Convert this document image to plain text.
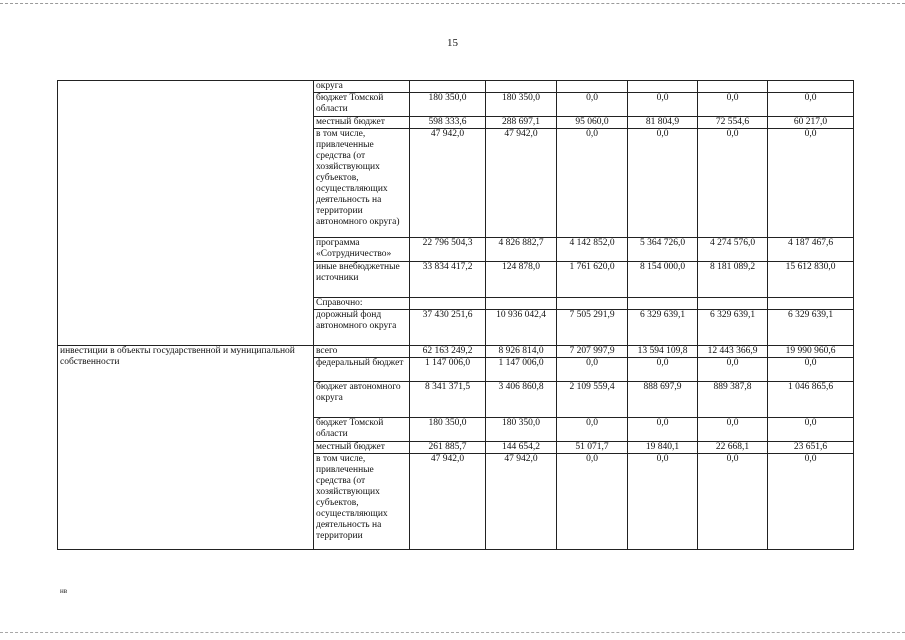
15
	округа						
	бюджет Томской области	180 350,0	180 350,0	0,0	0,0	0,0	0,0
	местный бюджет	598 333,6	288 697,1	95 060,0	81 804,9	72 554,6	60 217,0
	в том числе, привлеченные средства (от хозяйствующих субъектов, осуществляющих деятельность на территории автономного округа)	47 942,0	47 942,0	0,0	0,0	0,0	0,0
	программа «Сотрудничество»	22 796 504,3	4 826 882,7	4 142 852,0	5 364 726,0	4 274 576,0	4 187 467,6
	иные внебюджетные источники	33 834 417,2	124 878,0	1 761 620,0	8 154 000,0	8 181 089,2	15 612 830,0
	Справочно:						
	дорожный фонд автономного округа	37 430 251,6	10 936 042,4	7 505 291,9	6 329 639,1	6 329 639,1	6 329 639,1
инвестиции в объекты государственной и муниципальной собственности	всего	62 163 249,2	8 926 814,0	7 207 997,9	13 594 109,8	12 443 366,9	19 990 960,6
	федеральный бюджет	1 147 006,0	1 147 006,0	0,0	0,0	0,0	0,0
	бюджет автономного округа	8 341 371,5	3 406 860,8	2 109 559,4	888 697,9	889 387,8	1 046 865,6
	бюджет Томской области	180 350,0	180 350,0	0,0	0,0	0,0	0,0
	местный бюджет	261 885,7	144 654,2	51 071,7	19 840,1	22 668,1	23 651,6
	в том числе, привлеченные средства (от хозяйствующих субъектов, осуществляющих деятельность на территории	47 942,0	47 942,0	0,0	0,0	0,0	0,0
нв
